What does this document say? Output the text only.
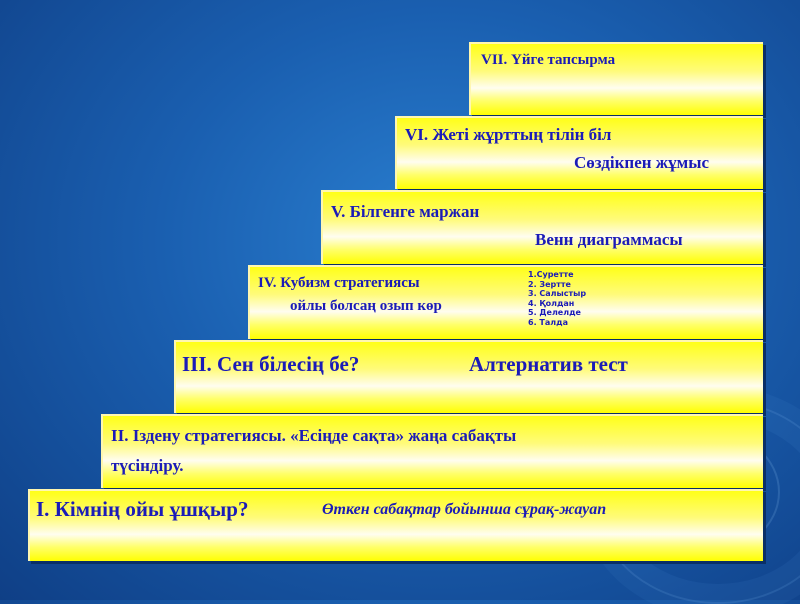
VII. Үйге тапсырма
VI. Жеті жұрттың тілін біл
Сөздікпен жұмыс
V. Білгенге маржан
Венн диаграммасы
IV. Кубизм стратегиясы
ойлы болсаң озып көр
1.Суретте
2. Зертте
3. Салыстыр
4. Қолдан
5. Делелде
6. Талда
ІІІ. Сен білесің бе?	Алтернатив тест
ІІ. Іздену стратегиясы. «Есіңде сақта» жаңа сабақты
түсіндіру.
І. Кімнің ойы ұшқыр?	Өткен сабақтар бойынша сұрақ-жауап
